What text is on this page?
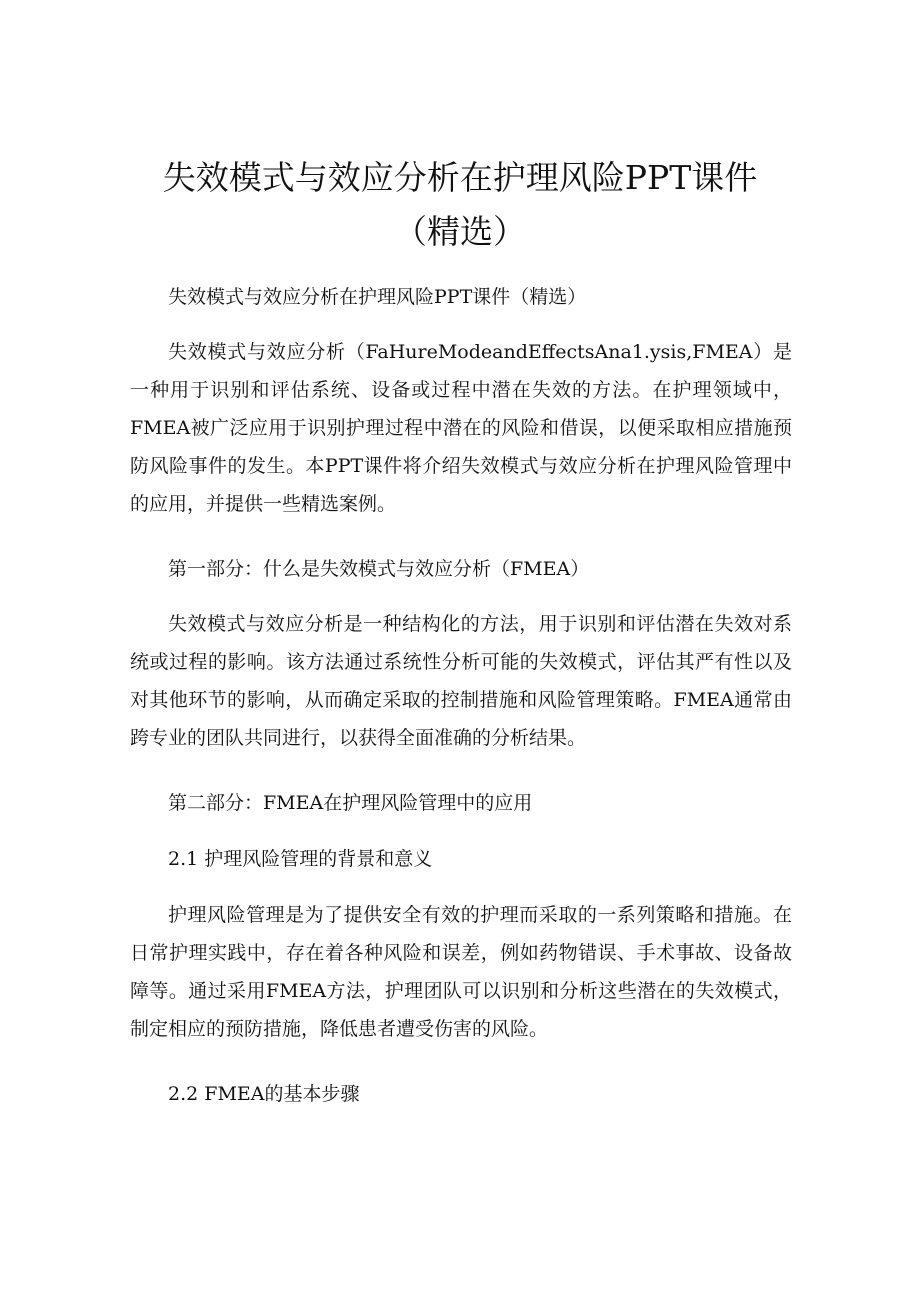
失效模式与效应分析在护理风险PPT课件
（精选）

失效模式与效应分析在护理风险PPT课件（精选）

失效模式与效应分析（FaHureModeandEffectsAna1.ysis,FMEA）是一种用于识别和评估系统、设备或过程中潜在失效的方法。在护理领域中，FMEA被广泛应用于识别护理过程中潜在的风险和借误，以便采取相应措施预防风险事件的发生。本PPT课件将介绍失效模式与效应分析在护理风险管理中的应用，并提供一些精选案例。

第一部分：什么是失效模式与效应分析（FMEA）

失效模式与效应分析是一种结构化的方法，用于识别和评估潜在失效对系统或过程的影响。该方法通过系统性分析可能的失效模式，评估其严有性以及对其他环节的影响，从而确定采取的控制措施和风险管理策略。FMEA通常由跨专业的团队共同进行，以获得全面准确的分析结果。

第二部分：FMEA在护理风险管理中的应用

2.1 护理风险管理的背景和意义

护理风险管理是为了提供安全有效的护理而采取的一系列策略和措施。在日常护理实践中，存在着各种风险和误差，例如药物错误、手术事故、设备故障等。通过采用FMEA方法，护理团队可以识别和分析这些潜在的失效模式，制定相应的预防措施，降低患者遭受伤害的风险。

2.2 FMEA的基本步骤
